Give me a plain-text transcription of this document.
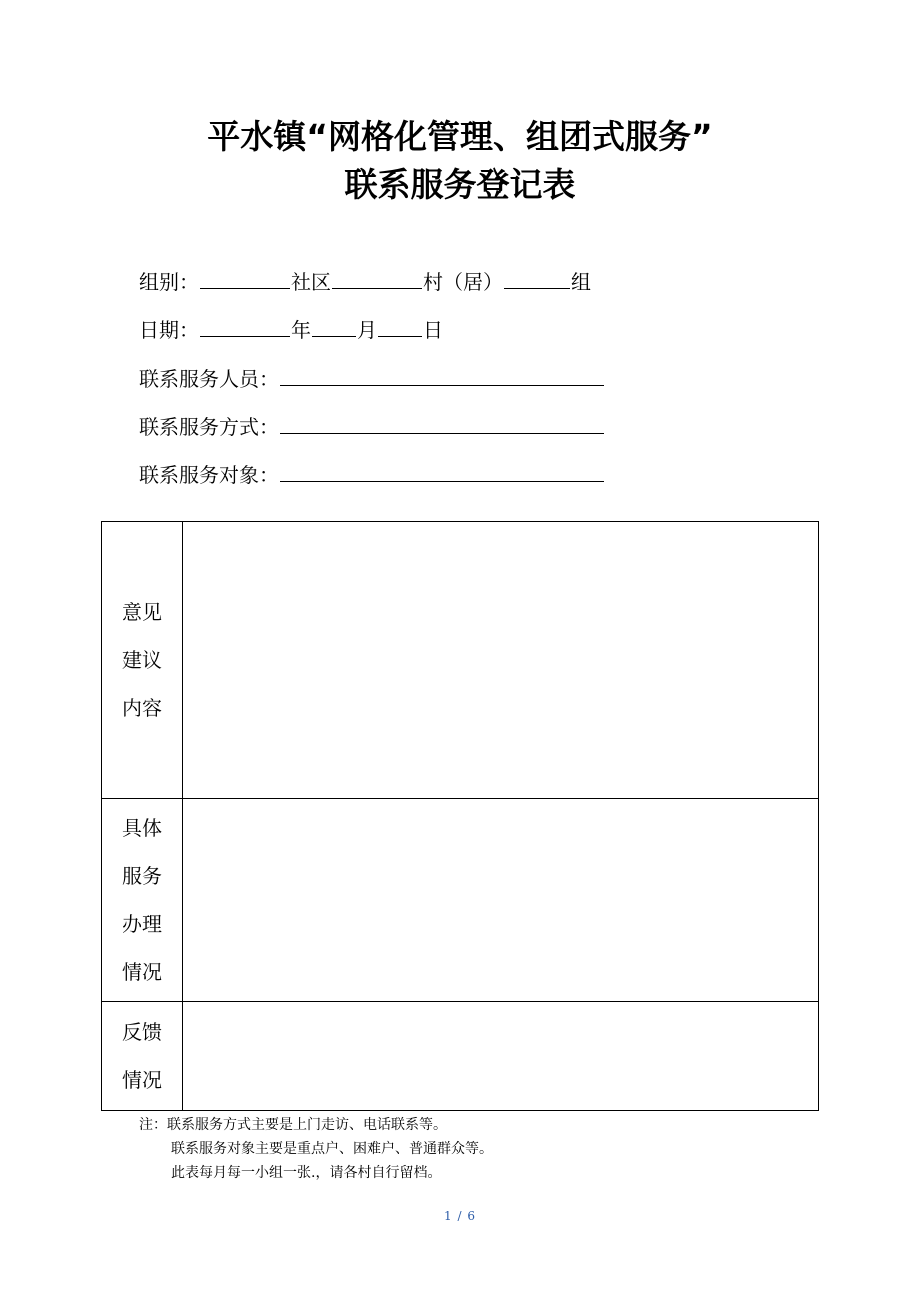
平水镇“网格化管理、组团式服务”
联系服务登记表
组别：	社区	村（居）	组
日期：	年 月 日
联系服务人员：
联系服务方式：
联系服务对象：
意见
建议
内容	

具体
服务
办理
情况	

反馈
情况	

注：联系服务方式主要是上门走访、电话联系等。
联系服务对象主要是重点户、困难户、普通群众等。
此表每月每一小组一张.，请各村自行留档。
1 / 6
